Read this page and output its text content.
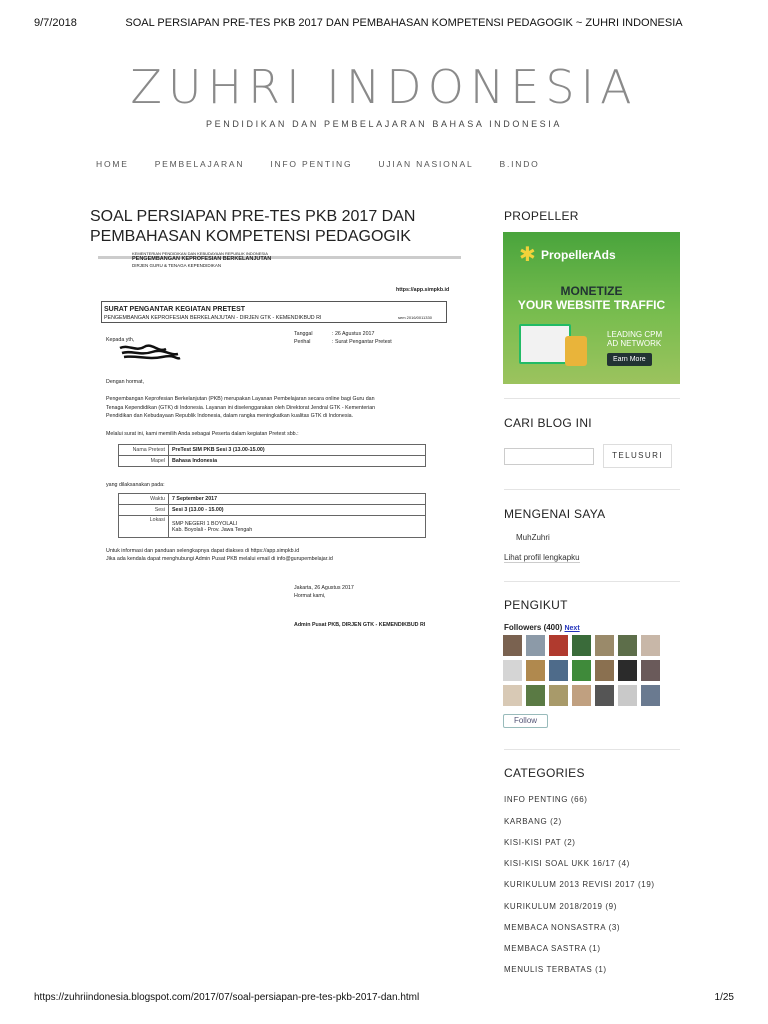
9/7/2018	SOAL PERSIAPAN PRE-TES PKB 2017 DAN PEMBAHASAN KOMPETENSI PEDAGOGIK ~ ZUHRI INDONESIA
https://zuhriindonesia.blogspot.com/2017/07/soal-persiapan-pre-tes-pkb-2017-dan.html	1/25
ZUHRI INDONESIA
PENDIDIKAN DAN PEMBELAJARAN BAHASA INDONESIA
HOME	PEMBELAJARAN	INFO PENTING	UJIAN NASIONAL	B.INDO
SOAL PERSIAPAN PRE-TES PKB 2017 DAN PEMBAHASAN KOMPETENSI PEDAGOGIK
KEMENTERIAN PENDIDIKAN DAN KEBUDAYAAN REPUBLIK INDONESIA
PENGEMBANGAN KEPROFESIAN BERKELANJUTAN
DIRJEN GURU & TENAGA KEPENDIDIKAN
https://app.simpkb.id
SURAT PENGANTAR KEGIATAN PRETEST
PENGEMBANGAN KEPROFESIAN BERKELANJUTAN - DIRJEN GTK - KEMENDIKBUD RI	sem 2016/0011330
Tanggal	: 26 Agustus 2017
Perihal	: Surat Pengantar Pretest
Kepada yth,
Dengan hormat,
Pengembangan Keprofesian Berkelanjutan (PKB) merupakan Layanan Pembelajaran secara online bagi Guru dan
Tenaga Kependidikan (GTK) di Indonesia. Layanan ini diselenggarakan oleh Direktorat Jendral GTK - Kementerian
Pendidikan dan Kebudayaan Republik Indonesia, dalam rangka meningkatkan kualitas GTK di Indonesia.
Melalui surat ini, kami memilih Anda sebagai Peserta dalam kegiatan Pretest sbb.:
Nama Pretest	PreTest SIM PKB Sesi 3 (13.00-15.00)
Mapel	Bahasa Indonesia
yang dilaksanakan pada:
Waktu	7 September 2017
Sesi	Sesi 3 (13.00 - 15.00)
Lokasi	SMP NEGERI 1 BOYOLALI
Kab. Boyolali - Prov. Jawa Tengah
Untuk informasi dan panduan selengkapnya dapat diakses di https://app.simpkb.id
Jika ada kendala dapat menghubungi Admin Pusat PKB melalui email di info@gurupembelajar.id
Jakarta, 26 Agustus 2017
Hormat kami,
Admin Pusat PKB, DIRJEN GTK - KEMENDIKBUD RI
PROPELLER
✱ PropellerAds
MONETIZE
YOUR WEBSITE TRAFFIC
LEADING CPM
AD NETWORK
Earn More
CARI BLOG INI
TELUSURI
MENGENAI SAYA
MuhZuhri
Lihat profil lengkapku
PENGIKUT
Followers (400) Next
Follow
CATEGORIES
INFO PENTING (66)
KARBANG (2)
KISI-KISI PAT (2)
KISI-KISI SOAL UKK 16/17 (4)
KURIKULUM 2013 REVISI 2017 (19)
KURIKULUM 2018/2019 (9)
MEMBACA NONSASTRA (3)
MEMBACA SASTRA (1)
MENULIS TERBATAS (1)
